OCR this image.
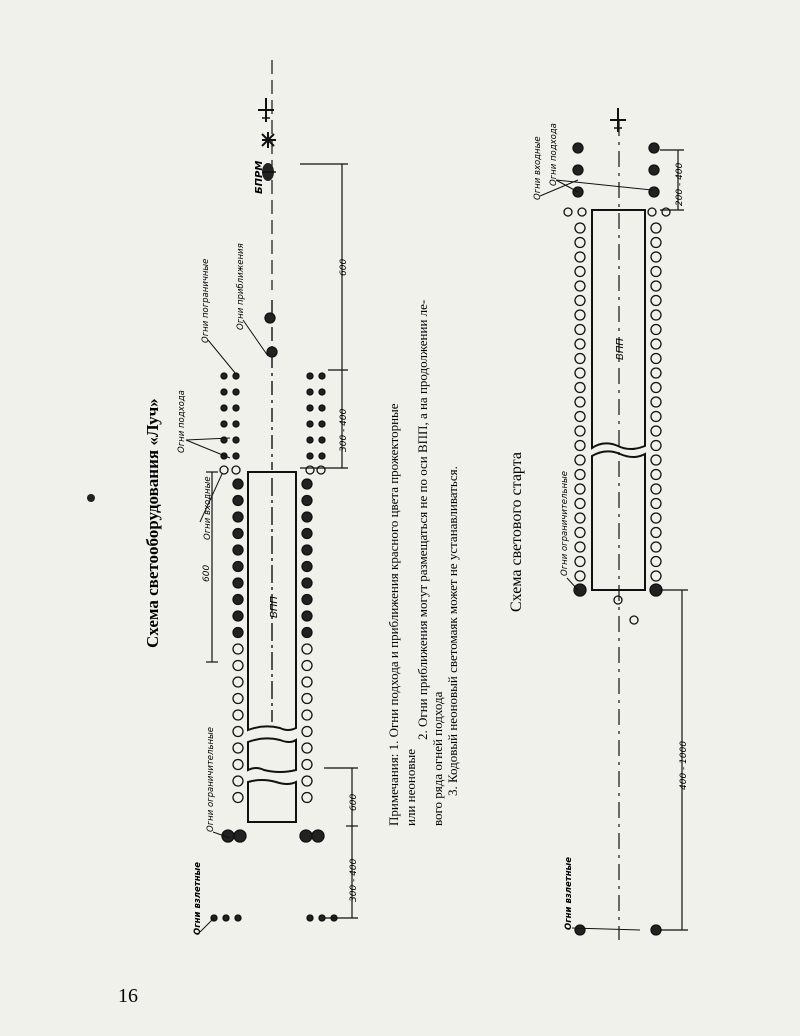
Схема светооборудования «Луч»	ВПП
БПРМ
Огни взлетные
Огни ограничительные
Огни входные
Огни подхода
Огни приближения
Огни пограничные
600
300 - 400
600
300 - 400
600
Примечания: 1. Огни подхода и приближения красного цвета прожекторные или неоновые
2. Огни приближения могут размещаться не по оси ВПП, а на продолжении ле-
вого ряда огней подхода 3. Кодовый неоновый светомаяк может не устанавливаться.	Схема светового старта
ВПП
Огни взлетные
Огни ограничительные
Огни входные Огни подхода
400 - 1000
200 - 400
16
